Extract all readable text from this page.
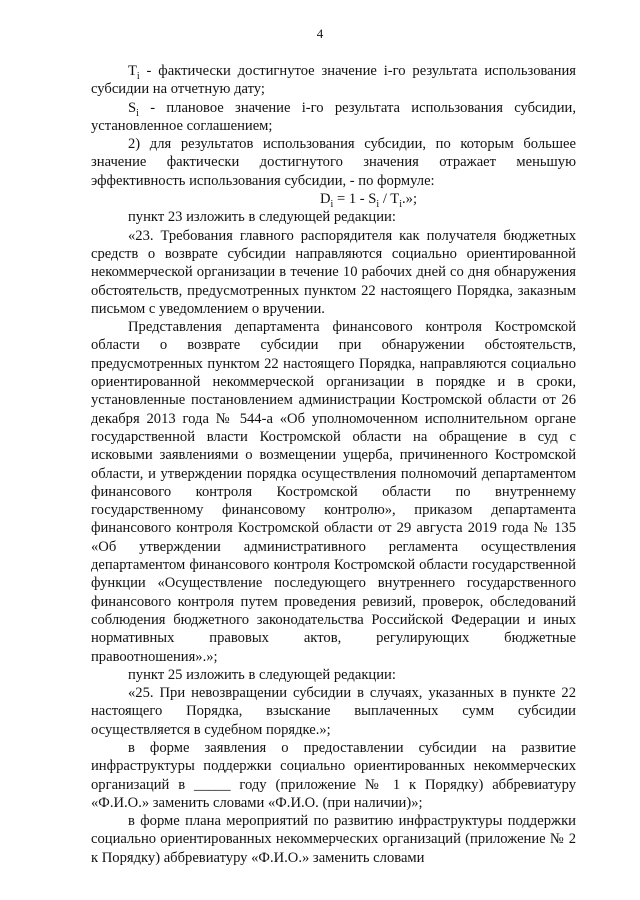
4

$T_i$ - фактически достигнутое значение i-го результата использования субсидии на отчетную дату;

$S_i$ - плановое значение i-го результата использования субсидии, установленное соглашением;

2) для результатов использования субсидии, по которым большее значение фактически достигнутого значения отражает меньшую эффективность использования субсидии, - по формуле:

$D_i = 1 - S_i / T_i$.»;

пункт 23 изложить в следующей редакции:

«23. Требования главного распорядителя как получателя бюджетных средств о возврате субсидии направляются социально ориентированной некоммерческой организации в течение 10 рабочих дней со дня обнаружения обстоятельств, предусмотренных пунктом 22 настоящего Порядка, заказным письмом с уведомлением о вручении.

Представления департамента финансового контроля Костромской области о возврате субсидии при обнаружении обстоятельств, предусмотренных пунктом 22 настоящего Порядка, направляются социально ориентированной некоммерческой организации в порядке и в сроки, установленные постановлением администрации Костромской области от 26 декабря 2013 года № 544-а «Об уполномоченном исполнительном органе государственной власти Костромской области на обращение в суд с исковыми заявлениями о возмещении ущерба, причиненного Костромской области, и утверждении порядка осуществления полномочий департаментом финансового контроля Костромской области по внутреннему государственному финансовому контролю», приказом департамента финансового контроля Костромской области от 29 августа 2019 года № 135 «Об утверждении административного регламента осуществления департаментом финансового контроля Костромской области государственной функции «Осуществление последующего внутреннего государственного финансового контроля путем проведения ревизий, проверок, обследований соблюдения бюджетного законодательства Российской Федерации и иных нормативных правовых актов, регулирующих бюджетные правоотношения».»;

пункт 25 изложить в следующей редакции:

«25. При невозвращении субсидии в случаях, указанных в пункте 22 настоящего Порядка, взыскание выплаченных сумм субсидии осуществляется в судебном порядке.»;

в форме заявления о предоставлении субсидии на развитие инфраструктуры поддержки социально ориентированных некоммерческих организаций в _____ году (приложение № 1 к Порядку) аббревиатуру «Ф.И.О.» заменить словами «Ф.И.О. (при наличии)»;

в форме плана мероприятий по развитию инфраструктуры поддержки социально ориентированных некоммерческих организаций (приложение № 2 к Порядку) аббревиатуру «Ф.И.О.» заменить словами
